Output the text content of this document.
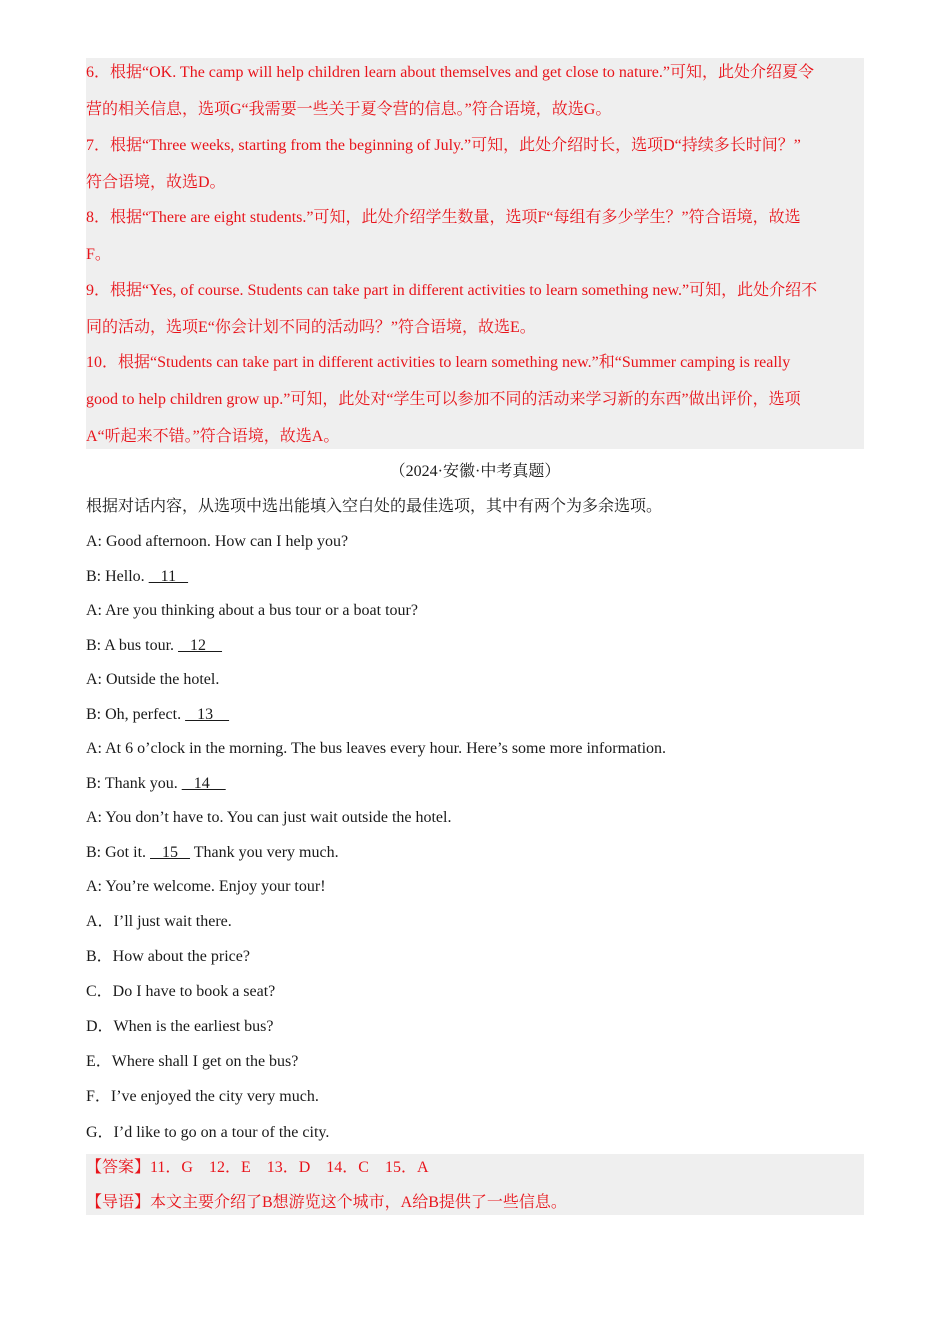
6．根据“OK. The camp will help children learn about themselves and get close to nature.”可知，此处介绍夏令
营的相关信息，选项G“我需要一些关于夏令营的信息。”符合语境，故选G。
7．根据“Three weeks, starting from the beginning of July.”可知，此处介绍时长，选项D“持续多长时间？”
符合语境，故选D。
8．根据“There are eight students.”可知，此处介绍学生数量，选项F“每组有多少学生？”符合语境，故选
F。
9．根据“Yes, of course. Students can take part in different activities to learn something new.”可知，此处介绍不
同的活动，选项E“你会计划不同的活动吗？”符合语境，故选E。
10．根据“Students can take part in different activities to learn something new.”和“Summer camping is really
good to help children grow up.”可知，此处对“学生可以参加不同的活动来学习新的东西”做出评价，选项
A“听起来不错。”符合语境，故选A。
（2024·安徽·中考真题）
根据对话内容，从选项中选出能填入空白处的最佳选项，其中有两个为多余选项。
A: Good afternoon. How can I help you?
B: Hello.    11
A: Are you thinking about a bus tour or a boat tour?
B: A bus tour.    12
A: Outside the hotel.
B: Oh, perfect.    13
A: At 6 o’clock in the morning. The bus leaves every hour. Here’s some more information.
B: Thank you.    14
A: You don’t have to. You can just wait outside the hotel.
B: Got it.    15    Thank you very much.
A: You’re welcome. Enjoy your tour!
A．I’ll just wait there.
B．How about the price?
C．Do I have to book a seat?
D．When is the earliest bus?
E．Where shall I get on the bus?
F．I’ve enjoyed the city very much.
G．I’d like to go on a tour of the city.
【答案】11．G    12．E    13．D    14．C    15．A
【导语】本文主要介绍了B想游览这个城市，A给B提供了一些信息。
